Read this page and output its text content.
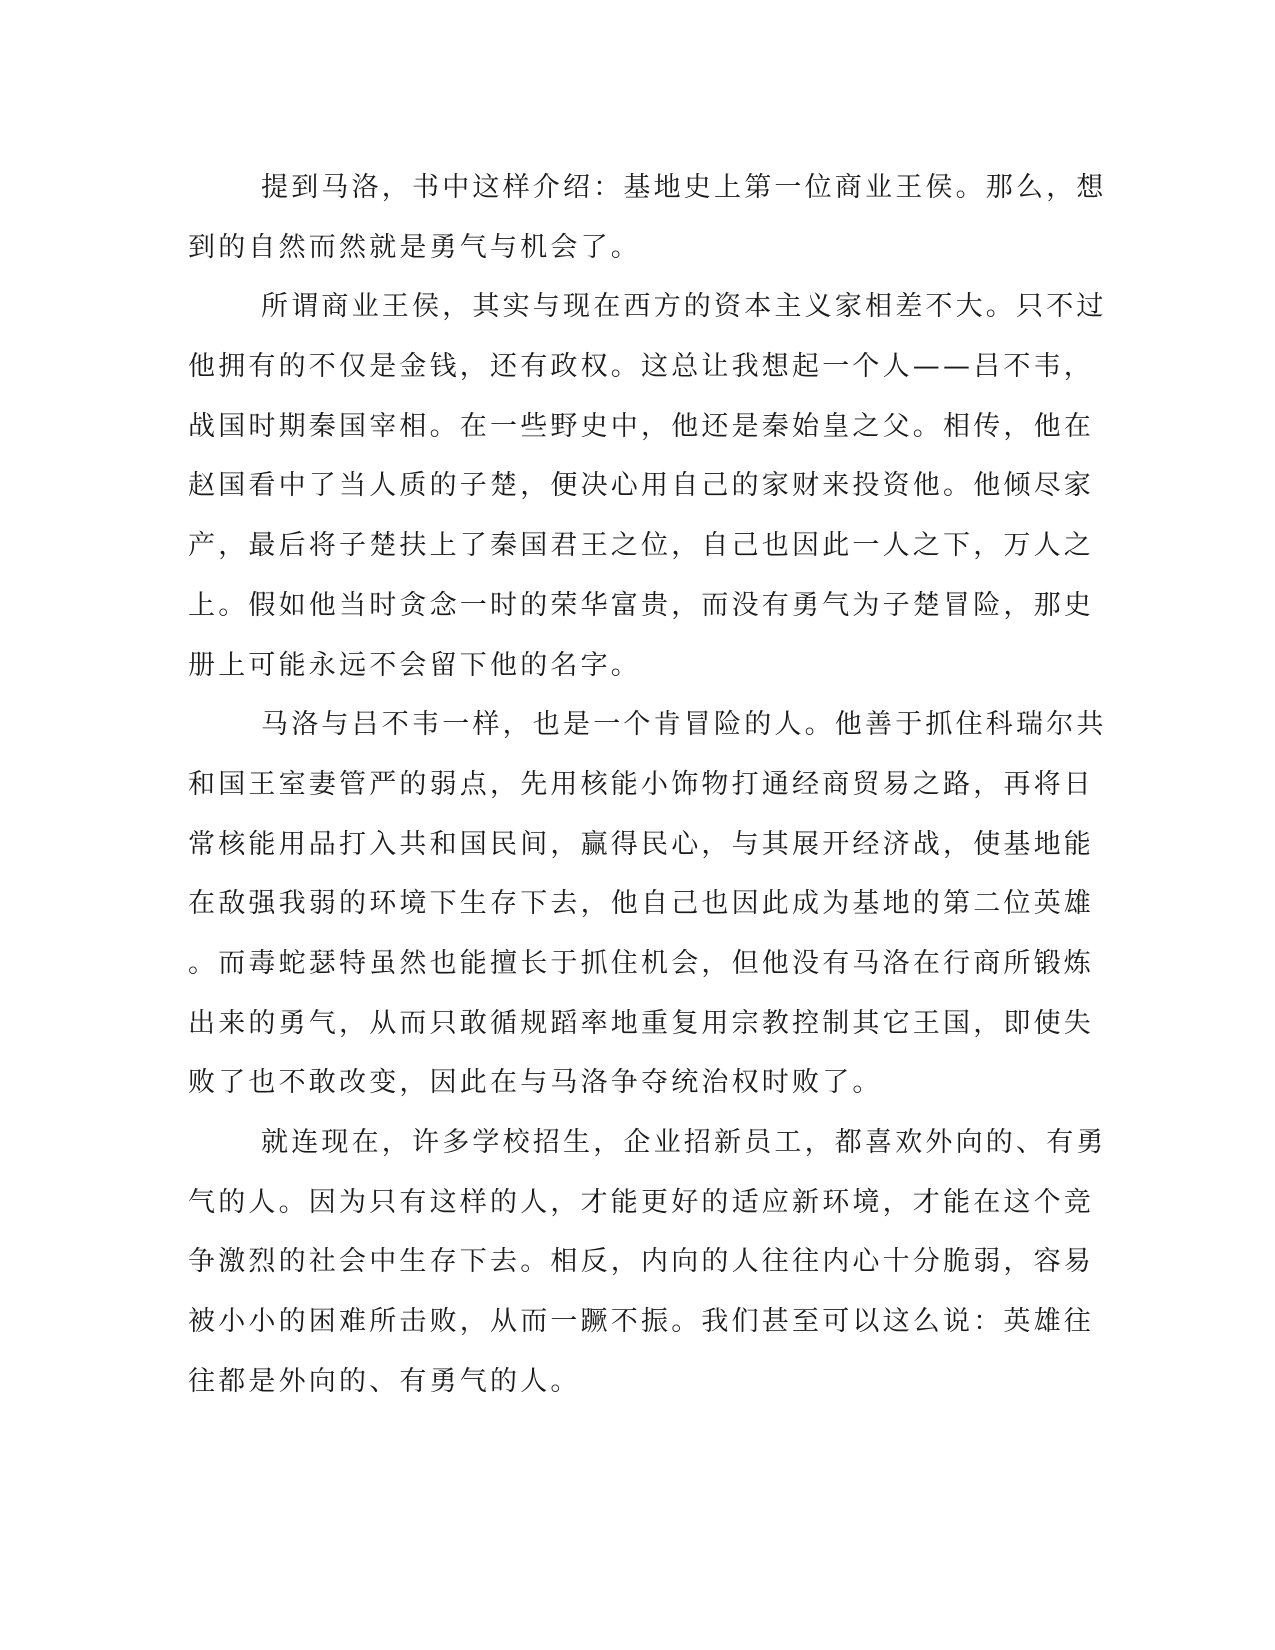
提到马洛，书中这样介绍：基地史上第一位商业王侯。那么，想
到的自然而然就是勇气与机会了。
所谓商业王侯，其实与现在西方的资本主义家相差不大。只不过
他拥有的不仅是金钱，还有政权。这总让我想起一个人——吕不韦，
战国时期秦国宰相。在一些野史中，他还是秦始皇之父。相传，他在
赵国看中了当人质的子楚，便决心用自己的家财来投资他。他倾尽家
产，最后将子楚扶上了秦国君王之位，自己也因此一人之下，万人之
上。假如他当时贪念一时的荣华富贵，而没有勇气为子楚冒险，那史
册上可能永远不会留下他的名字。
马洛与吕不韦一样，也是一个肯冒险的人。他善于抓住科瑞尔共
和国王室妻管严的弱点，先用核能小饰物打通经商贸易之路，再将日
常核能用品打入共和国民间，赢得民心，与其展开经济战，使基地能
在敌强我弱的环境下生存下去，他自己也因此成为基地的第二位英雄
。而毒蛇瑟特虽然也能擅长于抓住机会，但他没有马洛在行商所锻炼
出来的勇气，从而只敢循规蹈率地重复用宗教控制其它王国，即使失
败了也不敢改变，因此在与马洛争夺统治权时败了。
就连现在，许多学校招生，企业招新员工，都喜欢外向的、有勇
气的人。因为只有这样的人，才能更好的适应新环境，才能在这个竞
争激烈的社会中生存下去。相反，内向的人往往内心十分脆弱，容易
被小小的困难所击败，从而一蹶不振。我们甚至可以这么说：英雄往
往都是外向的、有勇气的人。
